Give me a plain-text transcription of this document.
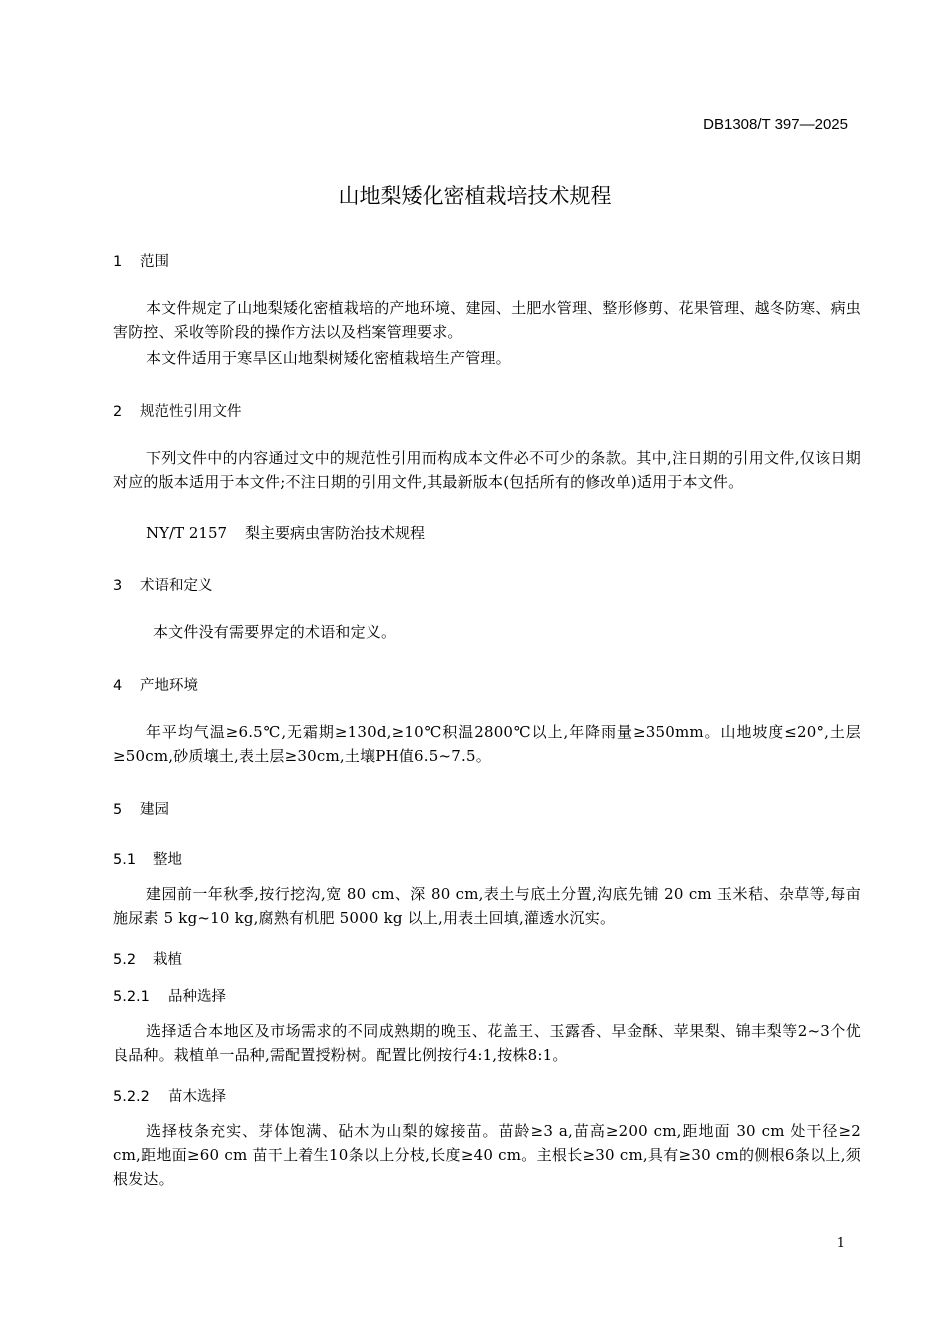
DB1308/T 397—2025
山地梨矮化密植栽培技术规程
1 范围
本文件规定了山地梨矮化密植栽培的产地环境、建园、土肥水管理、整形修剪、花果管理、越冬防寒、病虫害防控、采收等阶段的操作方法以及档案管理要求。
本文件适用于寒旱区山地梨树矮化密植栽培生产管理。
2 规范性引用文件
下列文件中的内容通过文中的规范性引用而构成本文件必不可少的条款。其中,注日期的引用文件,仅该日期对应的版本适用于本文件;不注日期的引用文件,其最新版本(包括所有的修改单)适用于本文件。
NY/T 2157 梨主要病虫害防治技术规程
3 术语和定义
本文件没有需要界定的术语和定义。
4 产地环境
年平均气温≥6.5℃,无霜期≥130d,≥10℃积温2800℃以上,年降雨量≥350mm。山地坡度≤20°,土层≥50cm,砂质壤土,表土层≥30cm,土壤PH值6.5~7.5。
5 建园
5.1 整地
建园前一年秋季,按行挖沟,宽 80 cm、深 80 cm,表土与底土分置,沟底先铺 20 cm 玉米秸、杂草等,每亩施尿素 5 kg~10 kg,腐熟有机肥 5000 kg 以上,用表土回填,灌透水沉实。
5.2 栽植
5.2.1 品种选择
选择适合本地区及市场需求的不同成熟期的晚玉、花盖王、玉露香、早金酥、苹果梨、锦丰梨等2~3个优良品种。栽植单一品种,需配置授粉树。配置比例按行4:1,按株8:1。
5.2.2 苗木选择
选择枝条充实、芽体饱满、砧木为山梨的嫁接苗。苗龄≥3 a,苗高≥200 cm,距地面 30 cm 处干径≥2 cm,距地面≥60 cm 苗干上着生10条以上分枝,长度≥40 cm。主根长≥30 cm,具有≥30 cm的侧根6条以上,须根发达。
1
